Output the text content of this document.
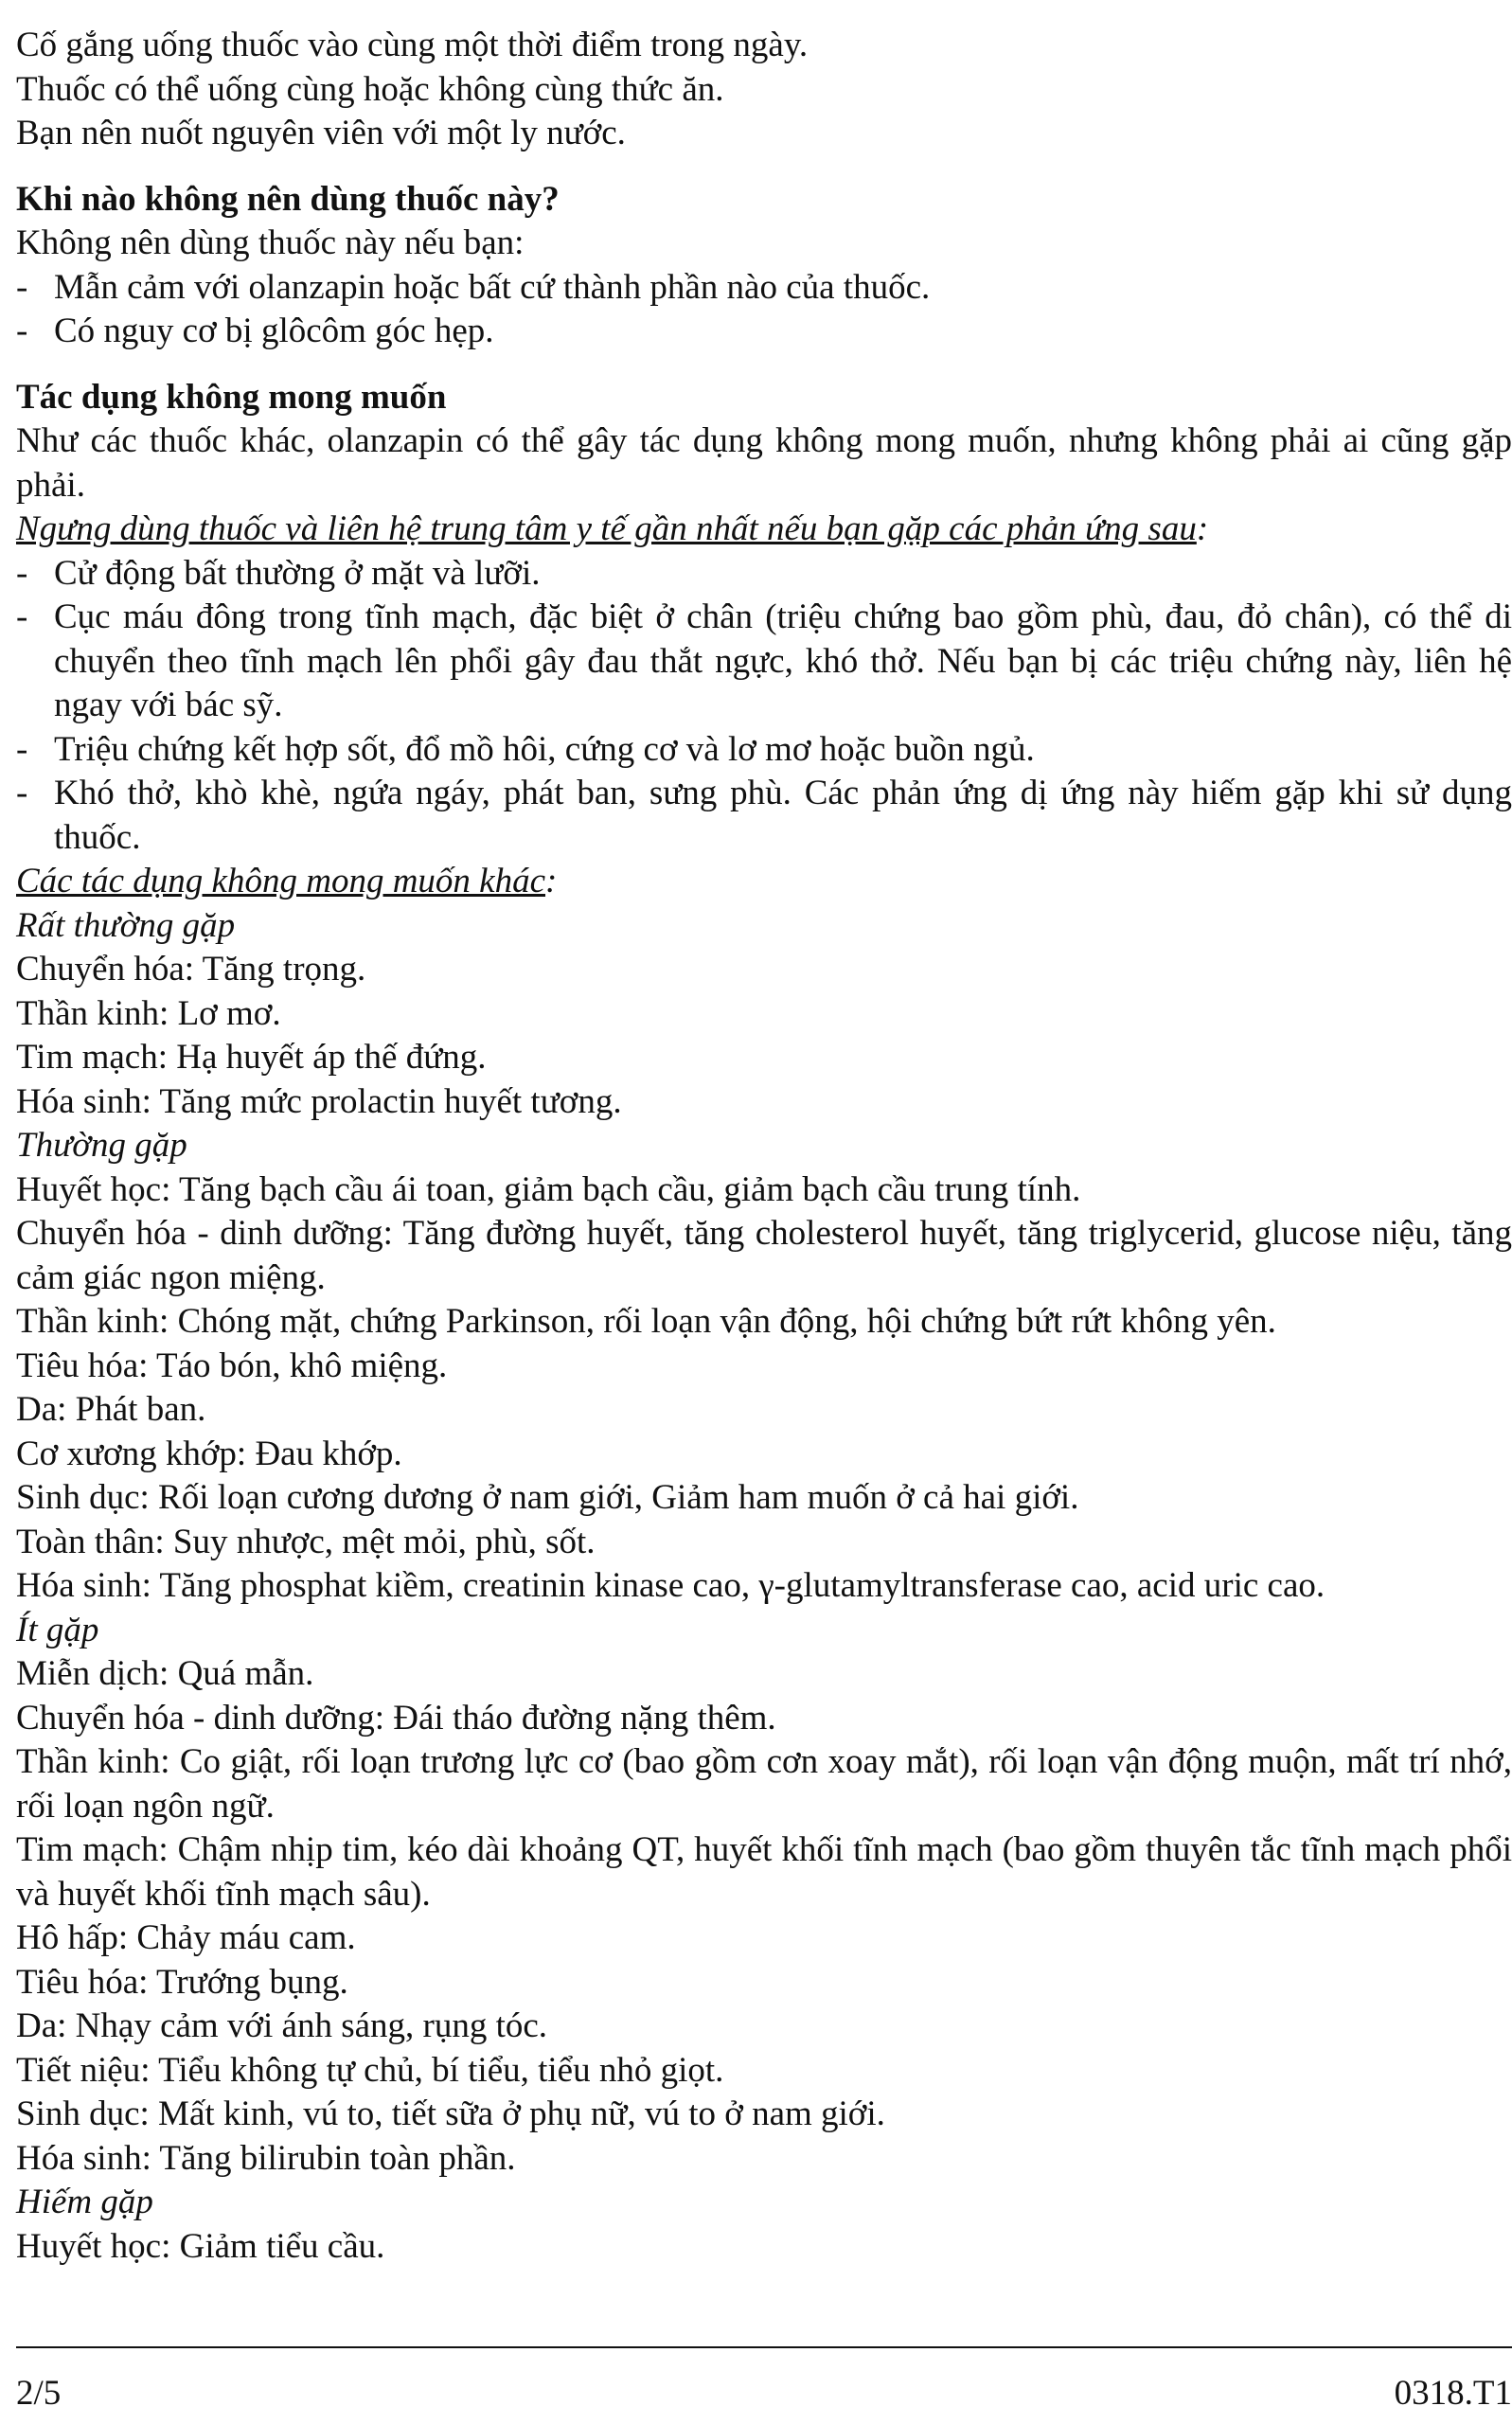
Cố gắng uống thuốc vào cùng một thời điểm trong ngày.
Thuốc có thể uống cùng hoặc không cùng thức ăn.
Bạn nên nuốt nguyên viên với một ly nước.
Khi nào không nên dùng thuốc này?
Không nên dùng thuốc này nếu bạn:
- Mẫn cảm với olanzapin hoặc bất cứ thành phần nào của thuốc.
- Có nguy cơ bị glôcôm góc hẹp.
Tác dụng không mong muốn
Như các thuốc khác, olanzapin có thể gây tác dụng không mong muốn, nhưng không phải ai cũng gặp phải.
Ngưng dùng thuốc và liên hệ trung tâm y tế gần nhất nếu bạn gặp các phản ứng sau:
- Cử động bất thường ở mặt và lưỡi.
- Cục máu đông trong tĩnh mạch, đặc biệt ở chân (triệu chứng bao gồm phù, đau, đỏ chân), có thể di chuyển theo tĩnh mạch lên phổi gây đau thắt ngực, khó thở. Nếu bạn bị các triệu chứng này, liên hệ ngay với bác sỹ.
- Triệu chứng kết hợp sốt, đổ mồ hôi, cứng cơ và lơ mơ hoặc buồn ngủ.
- Khó thở, khò khè, ngứa ngáy, phát ban, sưng phù. Các phản ứng dị ứng này hiếm gặp khi sử dụng thuốc.
Các tác dụng không mong muốn khác:
Rất thường gặp
Chuyển hóa: Tăng trọng.
Thần kinh: Lơ mơ.
Tim mạch: Hạ huyết áp thế đứng.
Hóa sinh: Tăng mức prolactin huyết tương.
Thường gặp
Huyết học: Tăng bạch cầu ái toan, giảm bạch cầu, giảm bạch cầu trung tính.
Chuyển hóa - dinh dưỡng: Tăng đường huyết, tăng cholesterol huyết, tăng triglycerid, glucose niệu, tăng cảm giác ngon miệng.
Thần kinh: Chóng mặt, chứng Parkinson, rối loạn vận động, hội chứng bứt rứt không yên.
Tiêu hóa: Táo bón, khô miệng.
Da: Phát ban.
Cơ xương khớp: Đau khớp.
Sinh dục: Rối loạn cương dương ở nam giới, Giảm ham muốn ở cả hai giới.
Toàn thân: Suy nhược, mệt mỏi, phù, sốt.
Hóa sinh: Tăng phosphat kiềm, creatinin kinase cao, γ-glutamyltransferase cao, acid uric cao.
Ít gặp
Miễn dịch: Quá mẫn.
Chuyển hóa - dinh dưỡng: Đái tháo đường nặng thêm.
Thần kinh: Co giật, rối loạn trương lực cơ (bao gồm cơn xoay mắt), rối loạn vận động muộn, mất trí nhớ, rối loạn ngôn ngữ.
Tim mạch: Chậm nhịp tim, kéo dài khoảng QT, huyết khối tĩnh mạch (bao gồm thuyên tắc tĩnh mạch phổi và huyết khối tĩnh mạch sâu).
Hô hấp: Chảy máu cam.
Tiêu hóa: Trướng bụng.
Da: Nhạy cảm với ánh sáng, rụng tóc.
Tiết niệu: Tiểu không tự chủ, bí tiểu, tiểu nhỏ giọt.
Sinh dục: Mất kinh, vú to, tiết sữa ở phụ nữ, vú to ở nam giới.
Hóa sinh: Tăng bilirubin toàn phần.
Hiếm gặp
Huyết học: Giảm tiểu cầu.
2/5	0318.T1
